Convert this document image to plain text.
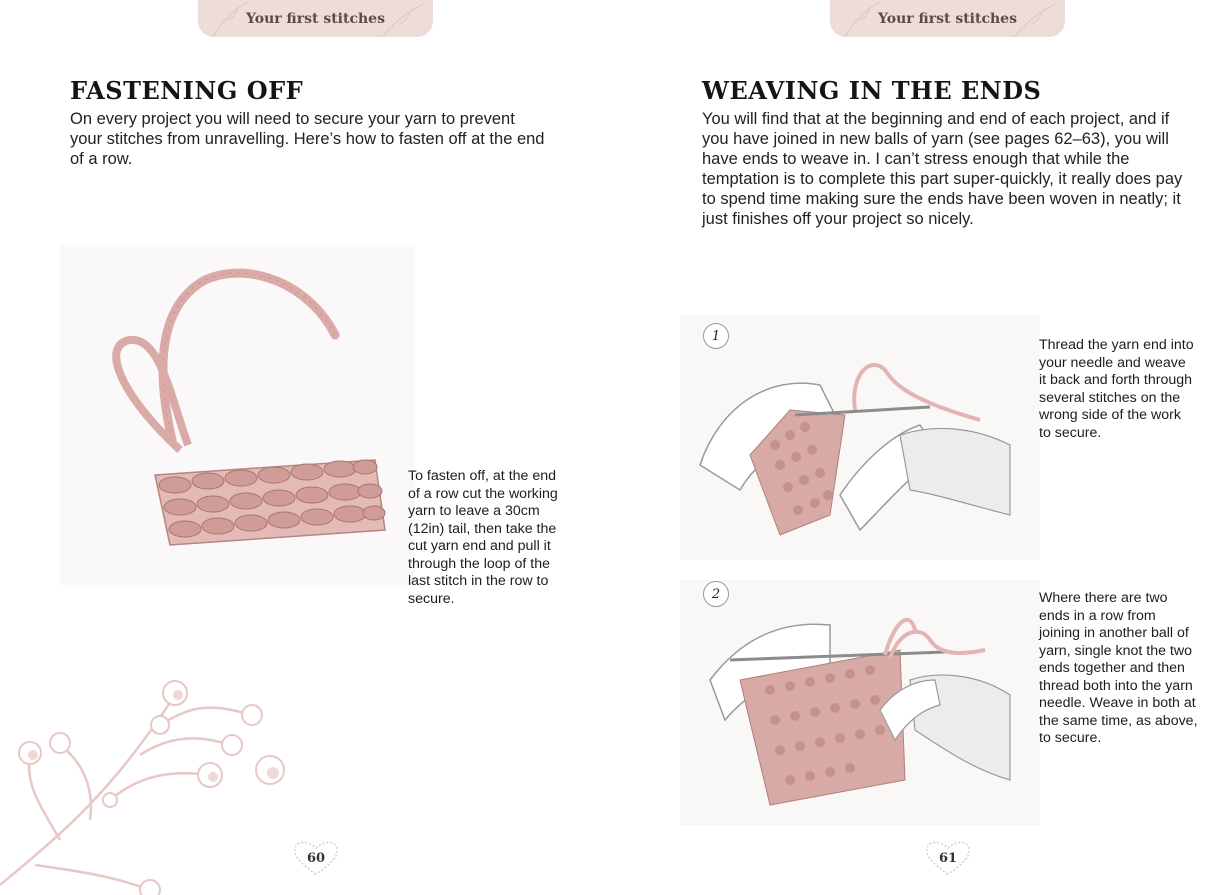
Your first stitches
FASTENING OFF

On every project you will need to secure your yarn to prevent your stitches from unravelling. Here’s how to fasten off at the end of a row.

To fasten off, at the end of a row cut the working yarn to leave a 30cm (12in) tail, then take the cut yarn end and pull it through the loop of the last stitch in the row to secure.

60
Your first stitches
WEAVING IN THE ENDS

You will find that at the beginning and end of each project, and if you have joined in new balls of yarn (see pages 62–63), you will have ends to weave in. I can’t stress enough that while the temptation is to complete this part super-quickly, it really does pay to spend time making sure the ends have been woven in neatly; it just finishes off your project so nicely.

1

Thread the yarn end into your needle and weave it back and forth through several stitches on the wrong side of the work to secure.

2	Where there are two ends in a row from joining in another ball of yarn, single knot the two ends together and then thread both into the yarn needle. Weave in both at the same time, as above, to secure.

61
